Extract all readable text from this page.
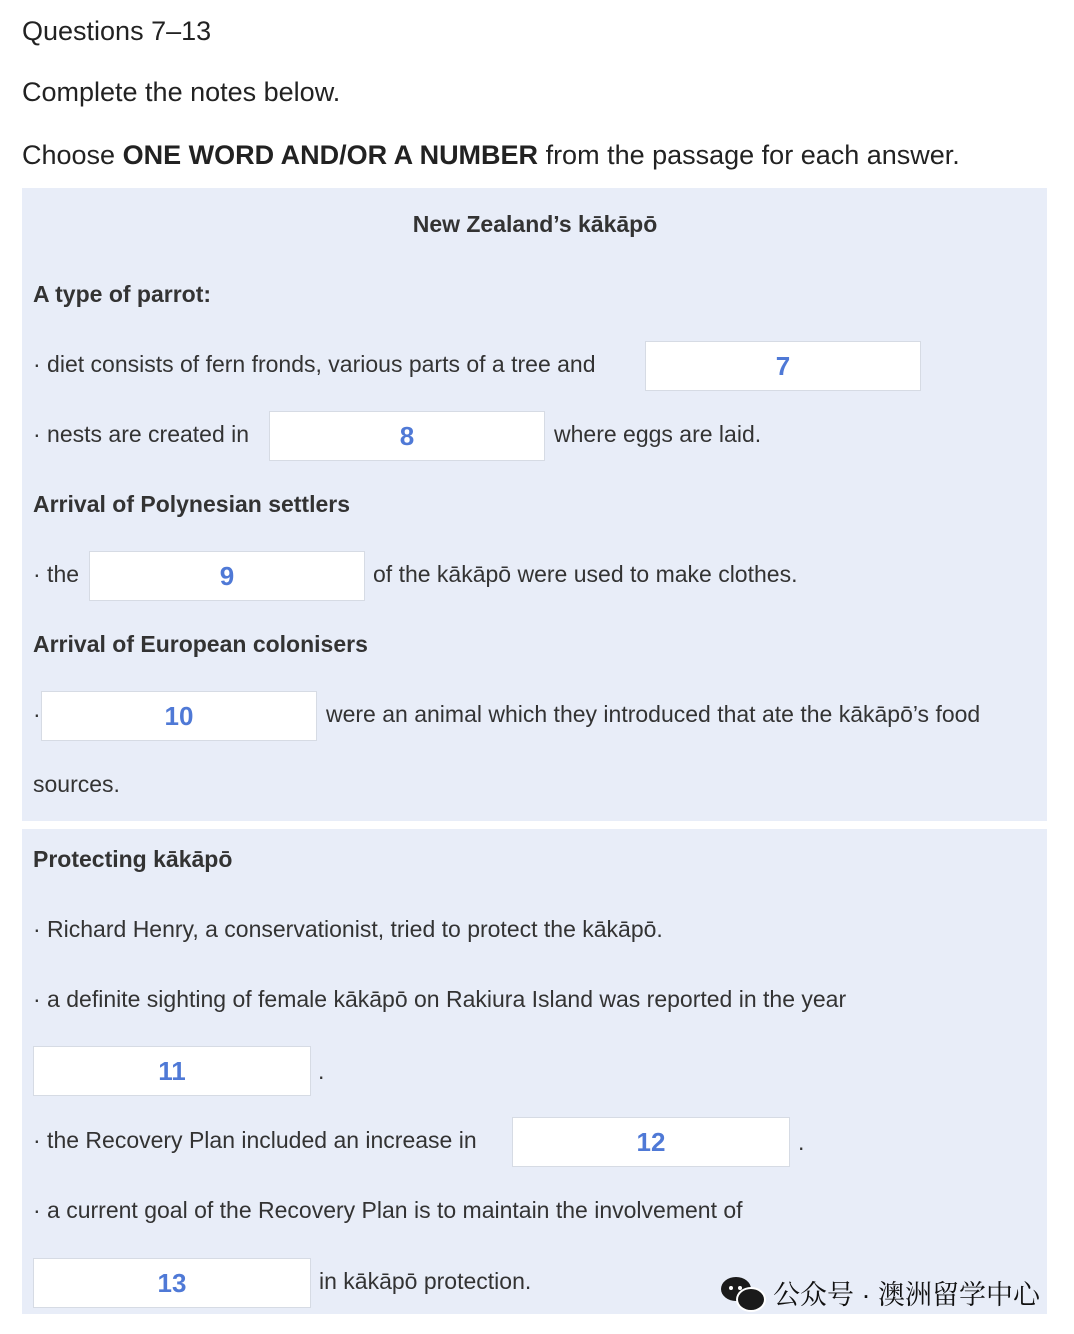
Questions 7–13
Complete the notes below.
Choose ONE WORD AND/OR A NUMBER from the passage for each answer.
New Zealand’s kākāpō
A type of parrot:
· diet consists of fern fronds, various parts of a tree and	7
· nests are created in	8	where eggs are laid.
Arrival of Polynesian settlers
· the	9	of the kākāpō were used to make clothes.
Arrival of European colonisers
·	10	were an animal which they introduced that ate the kākāpō’s food
sources.
Protecting kākāpō
· Richard Henry, a conservationist, tried to protect the kākāpō.
· a definite sighting of female kākāpō on Rakiura Island was reported in the year
11	.
· the Recovery Plan included an increase in	12	.
· a current goal of the Recovery Plan is to maintain the involvement of
13	in kākāpō protection.	公众号 · 澳洲留学中心
